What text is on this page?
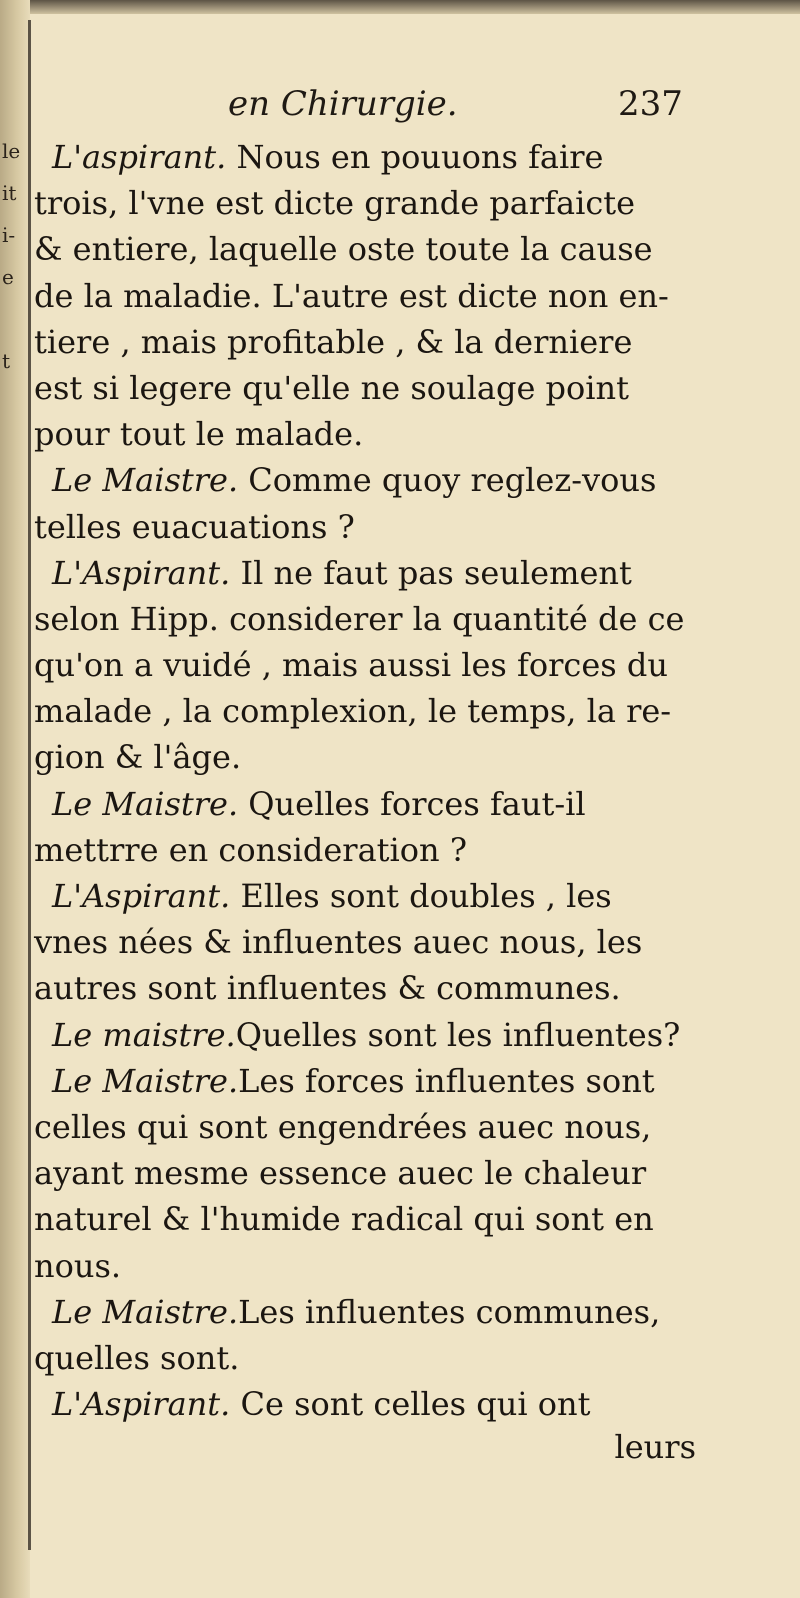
le
it
i-
e
t
en Chirurgie.	237
L'aspirant. Nous en pouuons faire
trois, l'vne est dicte grande parfaicte
& entiere, laquelle oste toute la cause
de la maladie. L'autre est dicte non en-
tiere , mais profitable , & la derniere
est si legere qu'elle ne soulage point
pour tout le malade.
Le Maistre. Comme quoy reglez-vous
telles euacuations ?
L'Aspirant. Il ne faut pas seulement
selon Hipp. considerer la quantité de ce
qu'on a vuidé , mais aussi les forces du
malade , la complexion, le temps, la re-
gion & l'âge.
Le Maistre. Quelles forces faut-il
mettrre en consideration ?
L'Aspirant. Elles sont doubles , les
vnes nées & influentes auec nous, les
autres sont influentes & communes.
Le maistre.Quelles sont les influentes?
Le Maistre.Les forces influentes sont
celles qui sont engendrées auec nous,
ayant mesme essence auec le chaleur
naturel & l'humide radical qui sont en
nous.
Le Maistre.Les influentes communes,
quelles sont.
L'Aspirant. Ce sont celles qui ont
leurs
